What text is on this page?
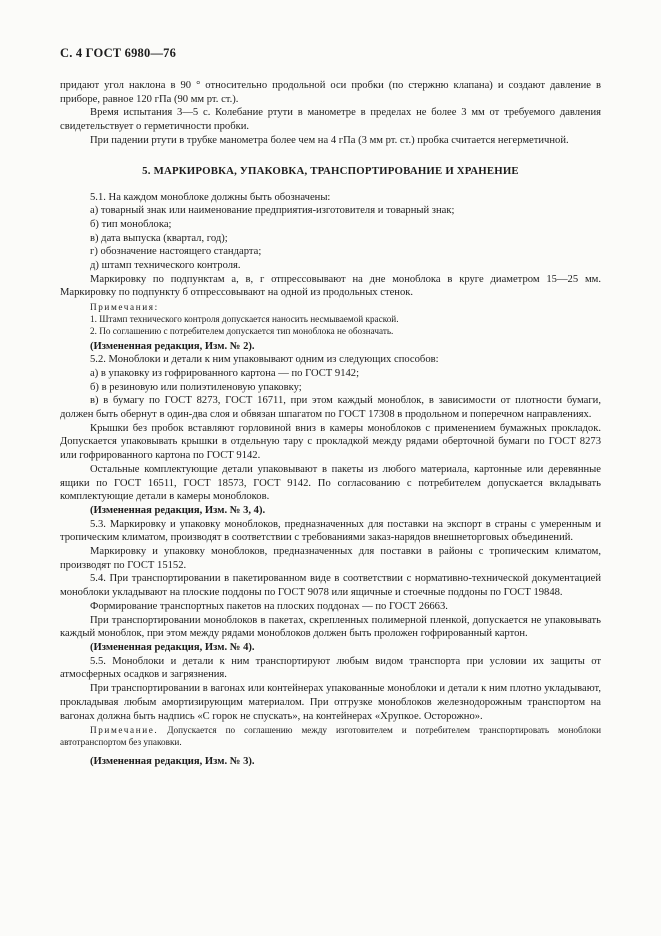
С. 4 ГОСТ 6980—76

придают угол наклона в 90 ° относительно продольной оси пробки (по стержню клапана) и создают давление в приборе, равное 120 гПа (90 мм рт. ст.).

Время испытания 3—5 с. Колебание ртути в манометре в пределах не более 3 мм от требуемого давления свидетельствует о герметичности пробки.

При падении ртути в трубке манометра более чем на 4 гПа (3 мм рт. ст.) пробка считается негерметичной.

5. МАРКИРОВКА, УПАКОВКА, ТРАНСПОРТИРОВАНИЕ И ХРАНЕНИЕ

5.1. На каждом моноблоке должны быть обозначены:

а) товарный знак или наименование предприятия-изготовителя и товарный знак;

б) тип моноблока;

в) дата выпуска (квартал, год);

г) обозначение настоящего стандарта;

д) штамп технического контроля.

Маркировку по подпунктам а, в, г отпрессовывают на дне моноблока в круге диаметром 15—25 мм. Маркировку по подпункту б отпрессовывают на одной из продольных стенок.

Примечания:

1. Штамп технического контроля допускается наносить несмываемой краской.

2. По соглашению с потребителем допускается тип моноблока не обозначать.

(Измененная редакция, Изм. № 2).

5.2. Моноблоки и детали к ним упаковывают одним из следующих способов:

а) в упаковку из гофрированного картона — по ГОСТ 9142;

б) в резиновую или полиэтиленовую упаковку;

в) в бумагу по ГОСТ 8273, ГОСТ 16711, при этом каждый моноблок, в зависимости от плотности бумаги, должен быть обернут в один-два слоя и обвязан шпагатом по ГОСТ 17308 в продольном и поперечном направлениях.

Крышки без пробок вставляют горловиной вниз в камеры моноблоков с применением бумажных прокладок. Допускается упаковывать крышки в отдельную тару с прокладкой между рядами оберточной бумаги по ГОСТ 8273 или гофрированного картона по ГОСТ 9142.

Остальные комплектующие детали упаковывают в пакеты из любого материала, картонные или деревянные ящики по ГОСТ 16511, ГОСТ 18573, ГОСТ 9142. По согласованию с потребителем допускается вкладывать комплектующие детали в камеры моноблоков.

(Измененная редакция, Изм. № 3, 4).

5.3. Маркировку и упаковку моноблоков, предназначенных для поставки на экспорт в страны с умеренным и тропическим климатом, производят в соответствии с требованиями заказ-нарядов внешнеторговых объединений.

Маркировку и упаковку моноблоков, предназначенных для поставки в районы с тропическим климатом, производят по ГОСТ 15152.

5.4. При транспортировании в пакетированном виде в соответствии с нормативно-технической документацией моноблоки укладывают на плоские поддоны по ГОСТ 9078 или ящичные и стоечные поддоны по ГОСТ 19848.

Формирование транспортных пакетов на плоских поддонах — по ГОСТ 26663.

При транспортировании моноблоков в пакетах, скрепленных полимерной пленкой, допускается не упаковывать каждый моноблок, при этом между рядами моноблоков должен быть проложен гофрированный картон.

(Измененная редакция, Изм. № 4).

5.5. Моноблоки и детали к ним транспортируют любым видом транспорта при условии их защиты от атмосферных осадков и загрязнения.

При транспортировании в вагонах или контейнерах упакованные моноблоки и детали к ним плотно укладывают, прокладывая любым амортизирующим материалом. При отгрузке моноблоков железнодорожным транспортом на вагонах должна быть надпись «С горок не спускать», на контейнерах «Хрупкое. Осторожно».

Примечание. Допускается по соглашению между изготовителем и потребителем транспортировать моноблоки автотранспортом без упаковки.

(Измененная редакция, Изм. № 3).
